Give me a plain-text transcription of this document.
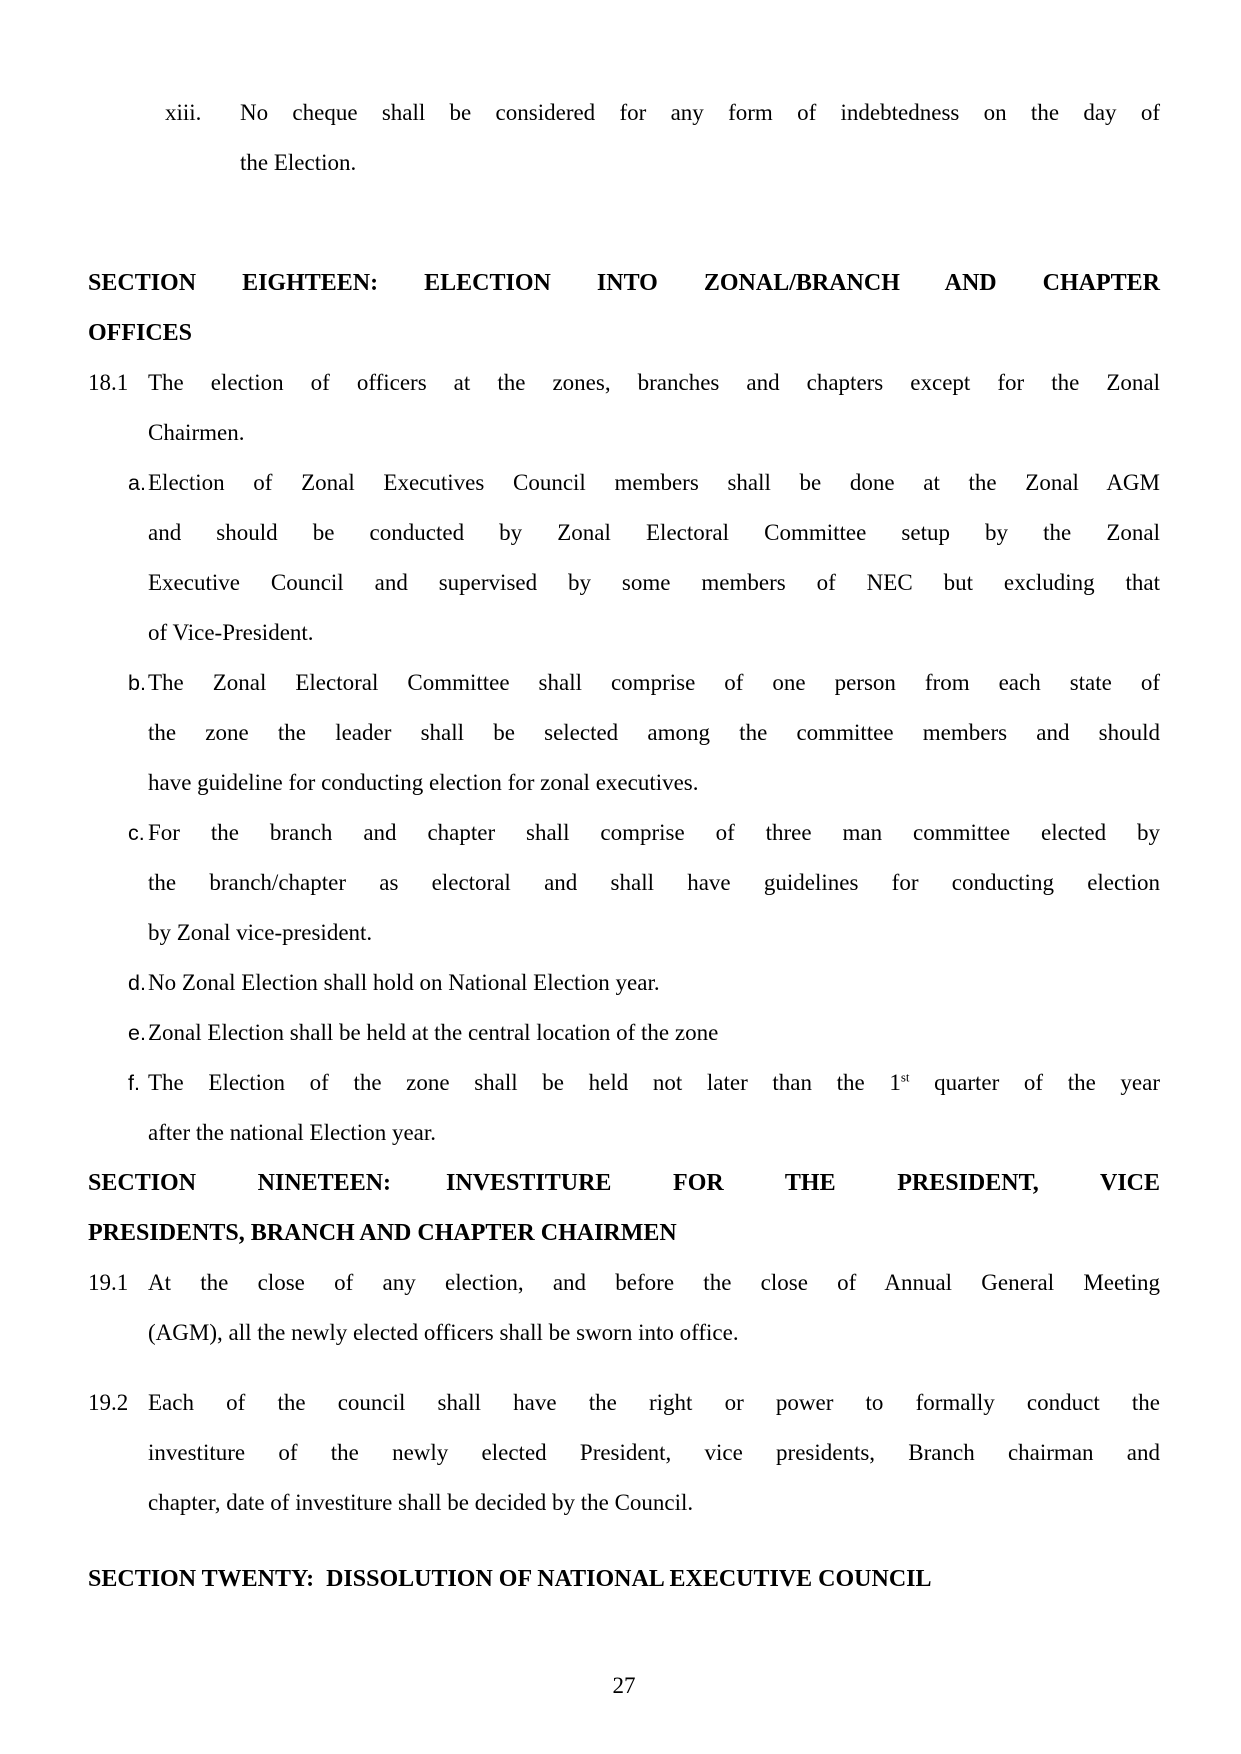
xiii. No cheque shall be considered for any form of indebtedness on the day of
the Election.
SECTION EIGHTEEN: ELECTION INTO ZONAL/BRANCH AND CHAPTER
OFFICES
18.1 The election of officers at the zones, branches and chapters except for the Zonal
Chairmen.
a. Election of Zonal Executives Council members shall be done at the Zonal AGM
and should be conducted by Zonal Electoral Committee setup by the Zonal
Executive Council and supervised by some members of NEC but excluding that
of Vice-President.
b. The Zonal Electoral Committee shall comprise of one person from each state of
the zone the leader shall be selected among the committee members and should
have guideline for conducting election for zonal executives.
c. For the branch and chapter shall comprise of three man committee elected by
the branch/chapter as electoral and shall have guidelines for conducting election
by Zonal vice-president.
d. No Zonal Election shall hold on National Election year.
e. Zonal Election shall be held at the central location of the zone
f. The Election of the zone shall be held not later than the 1st quarter of the year
after the national Election year.
SECTION NINETEEN: INVESTITURE FOR THE PRESIDENT, VICE
PRESIDENTS, BRANCH AND CHAPTER CHAIRMEN
19.1 At the close of any election, and before the close of Annual General Meeting
(AGM), all the newly elected officers shall be sworn into office.
19.2 Each of the council shall have the right or power to formally conduct the
investiture of the newly elected President, vice presidents, Branch chairman and
chapter, date of investiture shall be decided by the Council.
SECTION TWENTY: DISSOLUTION OF NATIONAL EXECUTIVE COUNCIL
27
